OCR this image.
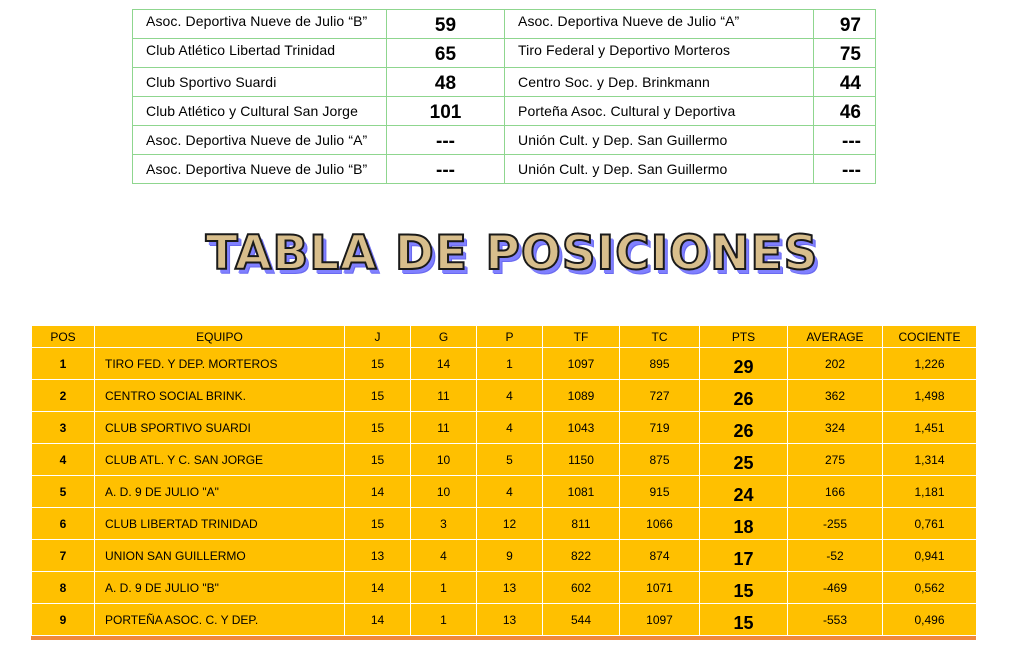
Asoc. Deportiva Nueve de Julio “B”	59	Asoc. Deportiva Nueve de Julio “A”	97
Club Atlético Libertad Trinidad	65	Tiro Federal y Deportivo Morteros	75
Club Sportivo Suardi	48	Centro Soc. y Dep. Brinkmann	44
Club Atlético y Cultural San Jorge	101	Porteña Asoc. Cultural y Deportiva	46
Asoc. Deportiva Nueve de Julio “A”	---	Unión Cult. y Dep. San Guillermo	---
Asoc. Deportiva Nueve de Julio “B”	---	Unión Cult. y Dep. San Guillermo	---
TABLA DE POSICIONES
POS	EQUIPO	J	G	P	TF	TC	PTS	AVERAGE	COCIENTE
1	TIRO FED. Y DEP. MORTEROS	15	14	1	1097	895	29	202	1,226
2	CENTRO SOCIAL BRINK.	15	11	4	1089	727	26	362	1,498
3	CLUB SPORTIVO SUARDI	15	11	4	1043	719	26	324	1,451
4	CLUB ATL. Y C. SAN JORGE	15	10	5	1150	875	25	275	1,314
5	A. D. 9 DE JULIO "A"	14	10	4	1081	915	24	166	1,181
6	CLUB LIBERTAD TRINIDAD	15	3	12	811	1066	18	-255	0,761
7	UNION SAN GUILLERMO	13	4	9	822	874	17	-52	0,941
8	A. D. 9 DE JULIO "B"	14	1	13	602	1071	15	-469	0,562
9	PORTEÑA ASOC. C. Y DEP.	14	1	13	544	1097	15	-553	0,496
